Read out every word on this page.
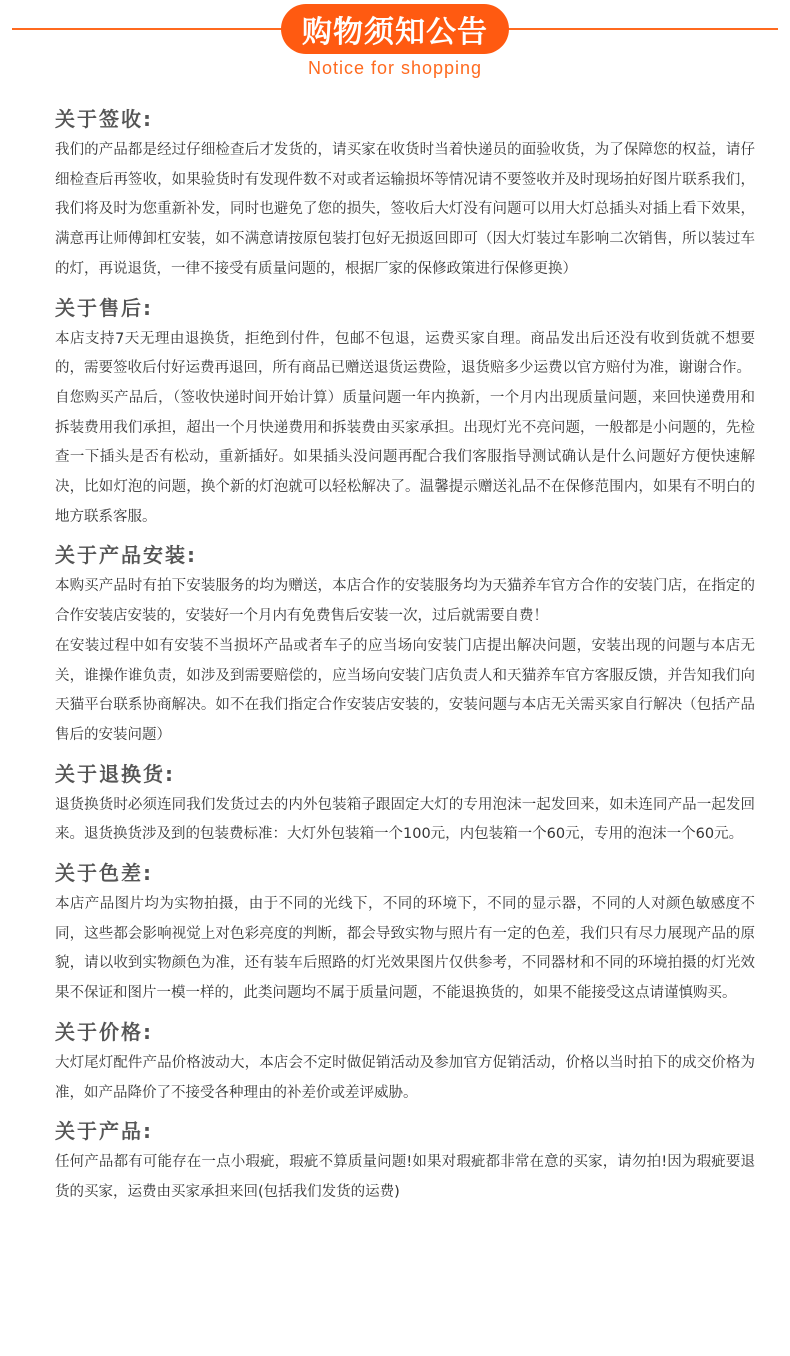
购物须知公告
Notice for shopping
关于签收:

我们的产品都是经过仔细检查后才发货的，请买家在收货时当着快递员的面验收货，为了保障您的权益，请仔细检查后再签收，如果验货时有发现件数不对或者运输损坏等情况请不要签收并及时现场拍好图片联系我们，我们将及时为您重新补发，同时也避免了您的损失，签收后大灯没有问题可以用大灯总插头对插上看下效果，满意再让师傅卸杠安装，如不满意请按原包装打包好无损返回即可（因大灯装过车影响二次销售，所以装过车的灯，再说退货，一律不接受有质量问题的，根据厂家的保修政策进行保修更换）

关于售后:

本店支持7天无理由退换货，拒绝到付件，包邮不包退，运费买家自理。商品发出后还没有收到货就不想要的，需要签收后付好运费再退回，所有商品已赠送退货运费险，退货赔多少运费以官方赔付为准，谢谢合作。

自您购买产品后，（签收快递时间开始计算）质量问题一年内换新，一个月内出现质量问题，来回快递费用和拆装费用我们承担，超出一个月快递费用和拆装费由买家承担。出现灯光不亮问题，一般都是小问题的，先检查一下插头是否有松动，重新插好。如果插头没问题再配合我们客服指导测试确认是什么问题好方便快速解决，比如灯泡的问题，换个新的灯泡就可以轻松解决了。温馨提示赠送礼品不在保修范围内，如果有不明白的地方联系客服。

关于产品安装:

本购买产品时有拍下安装服务的均为赠送，本店合作的安装服务均为天猫养车官方合作的安装门店，在指定的合作安装店安装的，安装好一个月内有免费售后安装一次，过后就需要自费！

在安装过程中如有安装不当损坏产品或者车子的应当场向安装门店提出解决问题，安装出现的问题与本店无关，谁操作谁负责，如涉及到需要赔偿的，应当场向安装门店负责人和天猫养车官方客服反馈，并告知我们向天猫平台联系协商解决。如不在我们指定合作安装店安装的，安装问题与本店无关需买家自行解决（包括产品售后的安装问题）

关于退换货:

退货换货时必须连同我们发货过去的内外包装箱子跟固定大灯的专用泡沫一起发回来，如未连同产品一起发回来。退货换货涉及到的包装费标准：大灯外包装箱一个100元，内包装箱一个60元，专用的泡沫一个60元。

关于色差:

本店产品图片均为实物拍摄，由于不同的光线下，不同的环境下，不同的显示器，不同的人对颜色敏感度不同，这些都会影响视觉上对色彩亮度的判断，都会导致实物与照片有一定的色差，我们只有尽力展现产品的原貌，请以收到实物颜色为准，还有装车后照路的灯光效果图片仅供参考，不同器材和不同的环境拍摄的灯光效果不保证和图片一模一样的，此类问题均不属于质量问题，不能退换货的，如果不能接受这点请谨慎购买。

关于价格:

大灯尾灯配件产品价格波动大，本店会不定时做促销活动及参加官方促销活动，价格以当时拍下的成交价格为准，如产品降价了不接受各种理由的补差价或差评威胁。

关于产品:

任何产品都有可能存在一点小瑕疵，瑕疵不算质量问题!如果对瑕疵都非常在意的买家，请勿拍!因为瑕疵要退货的买家，运费由买家承担来回(包括我们发货的运费)
